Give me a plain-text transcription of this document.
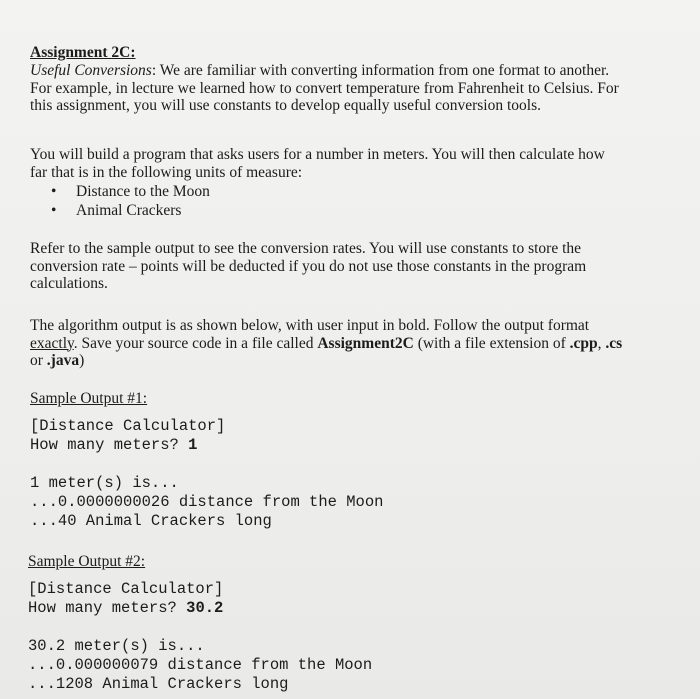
Assignment 2C:
Useful Conversions: We are familiar with converting information from one format to another.
For example, in lecture we learned how to convert temperature from Fahrenheit to Celsius. For
this assignment, you will use constants to develop equally useful conversion tools.
You will build a program that asks users for a number in meters. You will then calculate how
far that is in the following units of measure:
• Distance to the Moon
• Animal Crackers
Refer to the sample output to see the conversion rates. You will use constants to store the
conversion rate – points will be deducted if you do not use those constants in the program
calculations.
The algorithm output is as shown below, with user input in bold. Follow the output format
exactly. Save your source code in a file called Assignment2C (with a file extension of .cpp, .cs
or .java)
Sample Output #1:
[Distance Calculator]
How many meters? 1
1 meter(s) is...
...0.0000000026 distance from the Moon
...40 Animal Crackers long
Sample Output #2:
[Distance Calculator]
How many meters? 30.2
30.2 meter(s) is...
...0.000000079 distance from the Moon
...1208 Animal Crackers long
